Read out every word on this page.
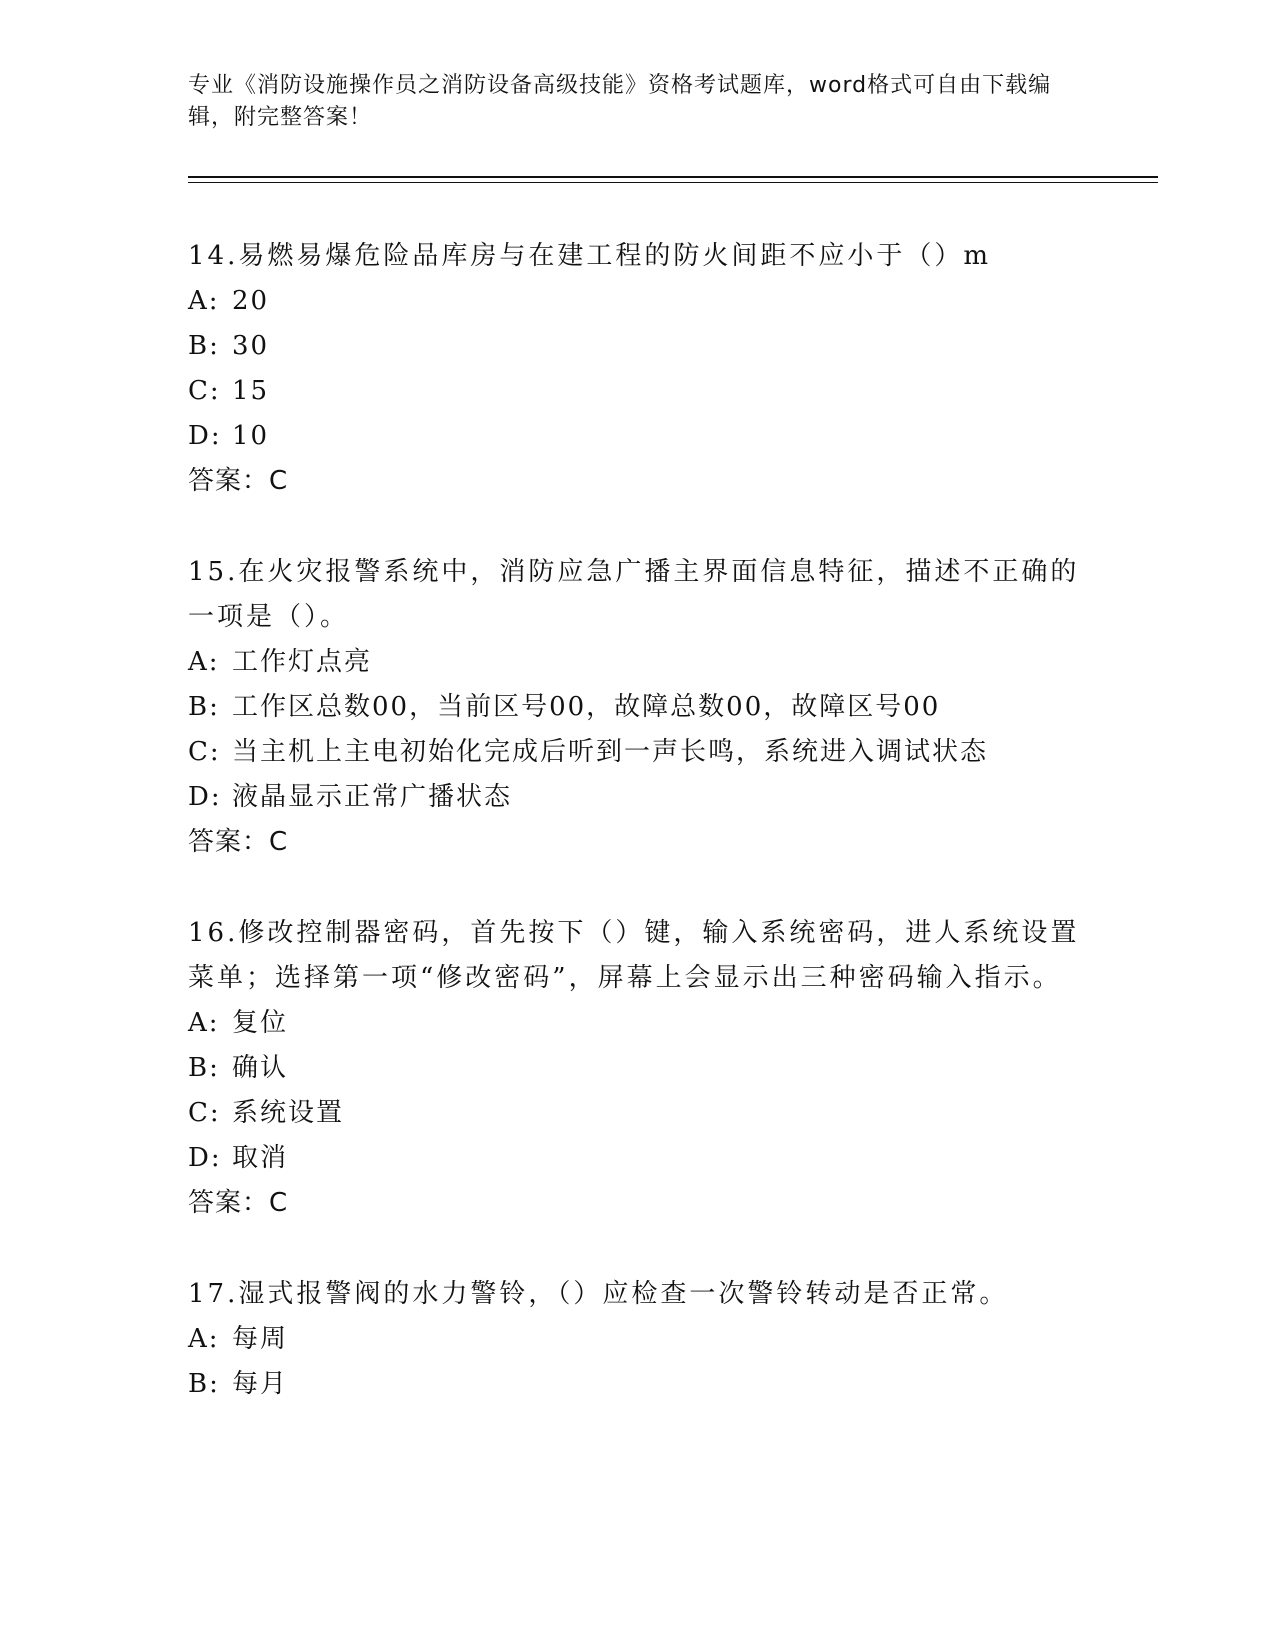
专业《消防设施操作员之消防设备高级技能》资格考试题库，word格式可自由下载编辑，附完整答案！
14.易燃易爆危险品库房与在建工程的防火间距不应小于（）m
A: 20
B: 30
C: 15
D: 10
答案：C
15.在火灾报警系统中，消防应急广播主界面信息特征，描述不正确的一项是（）。
A: 工作灯点亮
B: 工作区总数00，当前区号00，故障总数00，故障区号00
C: 当主机上主电初始化完成后听到一声长鸣，系统进入调试状态
D: 液晶显示正常广播状态
答案：C
16.修改控制器密码，首先按下（）键，输入系统密码，进人系统设置菜单；选择第一项“修改密码”，屏幕上会显示出三种密码输入指示。
A: 复位
B: 确认
C: 系统设置
D: 取消
答案：C
17.湿式报警阀的水力警铃，（）应检查一次警铃转动是否正常。
A: 每周
B: 每月
